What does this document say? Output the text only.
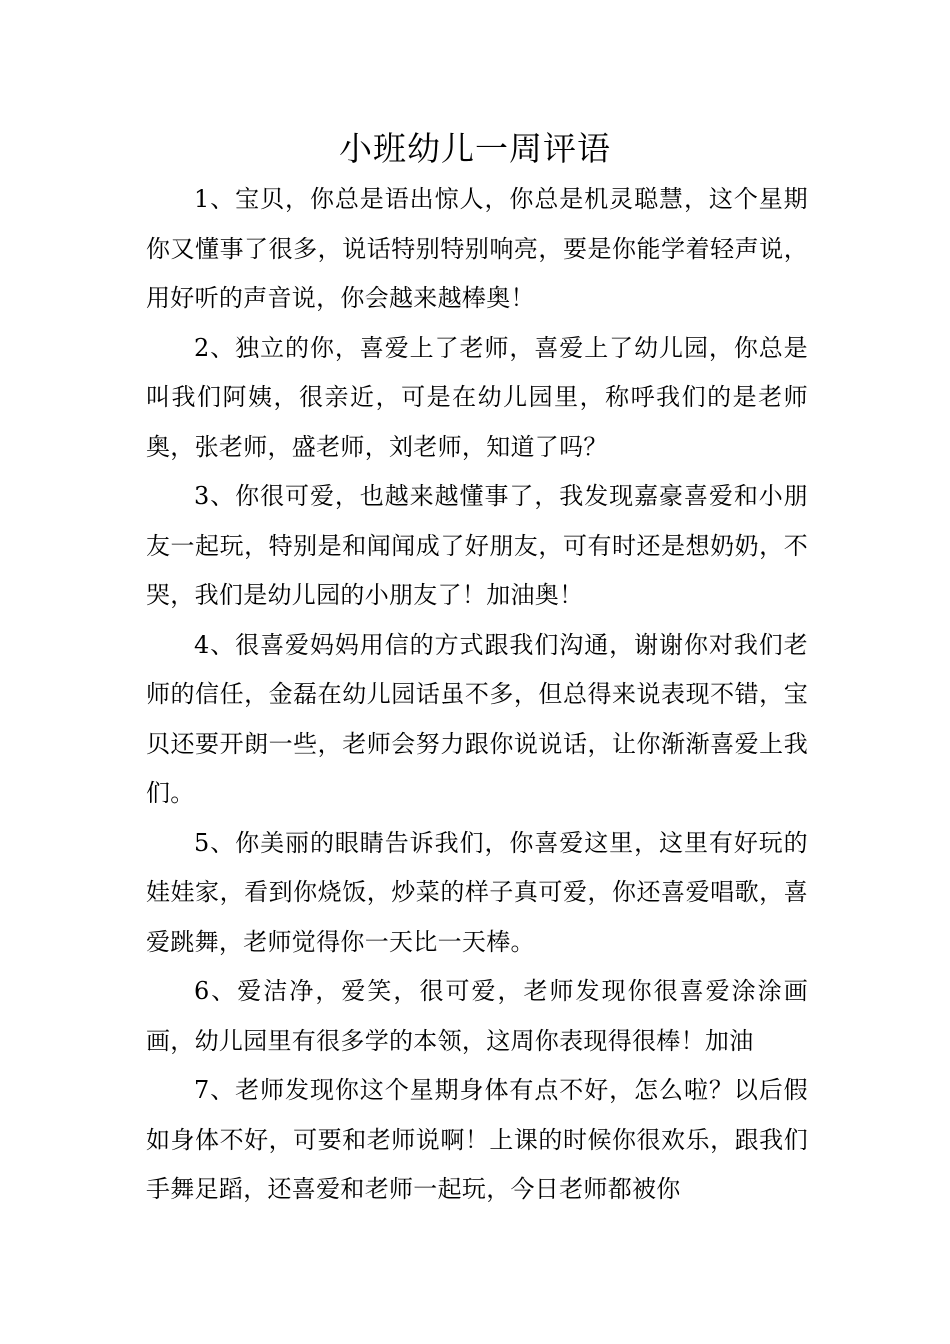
小班幼儿一周评语

1、宝贝，你总是语出惊人，你总是机灵聪慧，这个星期你又懂事了很多，说话特别特别响亮，要是你能学着轻声说，用好听的声音说，你会越来越棒奥！

2、独立的你，喜爱上了老师，喜爱上了幼儿园，你总是叫我们阿姨，很亲近，可是在幼儿园里，称呼我们的是老师奥，张老师，盛老师，刘老师，知道了吗？

3、你很可爱，也越来越懂事了，我发现嘉豪喜爱和小朋友一起玩，特别是和闻闻成了好朋友，可有时还是想奶奶，不哭，我们是幼儿园的小朋友了！加油奥！

4、很喜爱妈妈用信的方式跟我们沟通，谢谢你对我们老师的信任，金磊在幼儿园话虽不多，但总得来说表现不错，宝贝还要开朗一些，老师会努力跟你说说话，让你渐渐喜爱上我们。

5、你美丽的眼睛告诉我们，你喜爱这里，这里有好玩的娃娃家，看到你烧饭，炒菜的样子真可爱，你还喜爱唱歌，喜爱跳舞，老师觉得你一天比一天棒。

6、爱洁净，爱笑，很可爱，老师发现你很喜爱涂涂画画，幼儿园里有很多学的本领，这周你表现得很棒！加油

7、老师发现你这个星期身体有点不好，怎么啦？以后假如身体不好，可要和老师说啊！上课的时候你很欢乐，跟我们手舞足蹈，还喜爱和老师一起玩，今日老师都被你
